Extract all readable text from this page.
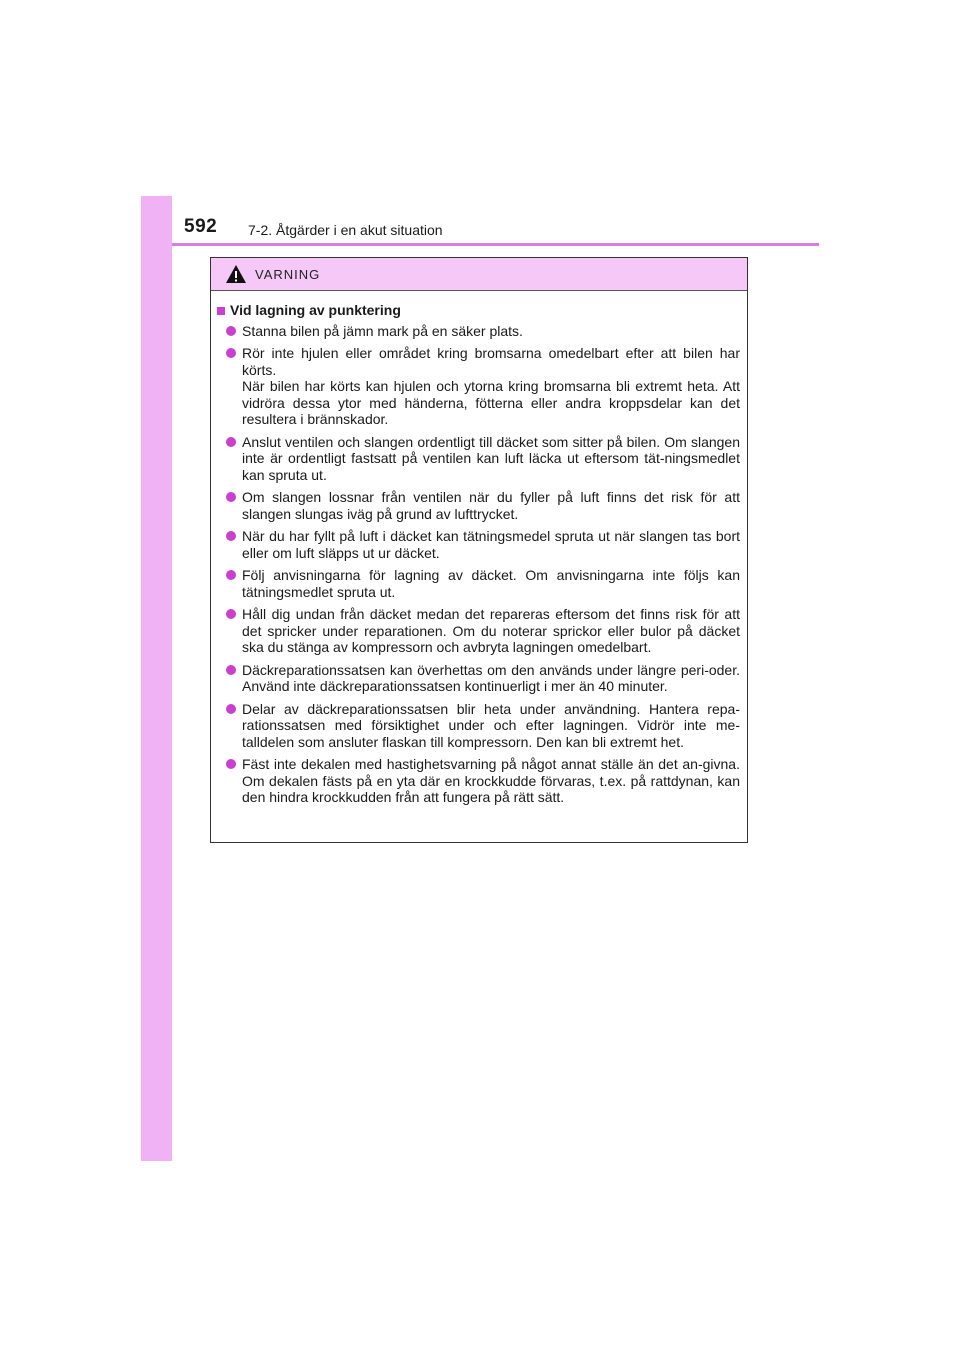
592 7-2. Åtgärder i en akut situation
VARNING
Vid lagning av punktering
Stanna bilen på jämn mark på en säker plats.
Rör inte hjulen eller området kring bromsarna omedelbart efter att bilen har körts.
När bilen har körts kan hjulen och ytorna kring bromsarna bli extremt heta. Att vidröra dessa ytor med händerna, fötterna eller andra kroppsdelar kan det resultera i brännskador.
Anslut ventilen och slangen ordentligt till däcket som sitter på bilen. Om slangen inte är ordentligt fastsatt på ventilen kan luft läcka ut eftersom tät-ningsmedlet kan spruta ut.
Om slangen lossnar från ventilen när du fyller på luft finns det risk för att slangen slungas iväg på grund av lufttrycket.
När du har fyllt på luft i däcket kan tätningsmedel spruta ut när slangen tas bort eller om luft släpps ut ur däcket.
Följ anvisningarna för lagning av däcket. Om anvisningarna inte följs kan tätningsmedlet spruta ut.
Håll dig undan från däcket medan det repareras eftersom det finns risk för att det spricker under reparationen. Om du noterar sprickor eller bulor på däcket ska du stänga av kompressorn och avbryta lagningen omedelbart.
Däckreparationssatsen kan överhettas om den används under längre peri-oder. Använd inte däckreparationssatsen kontinuerligt i mer än 40 minuter.
Delar av däckreparationssatsen blir heta under användning. Hantera repa-rationssatsen med försiktighet under och efter lagningen. Vidrör inte me-talldelen som ansluter flaskan till kompressorn. Den kan bli extremt het.
Fäst inte dekalen med hastighetsvarning på något annat ställe än det an-givna. Om dekalen fästs på en yta där en krockkudde förvaras, t.ex. på rattdynan, kan den hindra krockkudden från att fungera på rätt sätt.
